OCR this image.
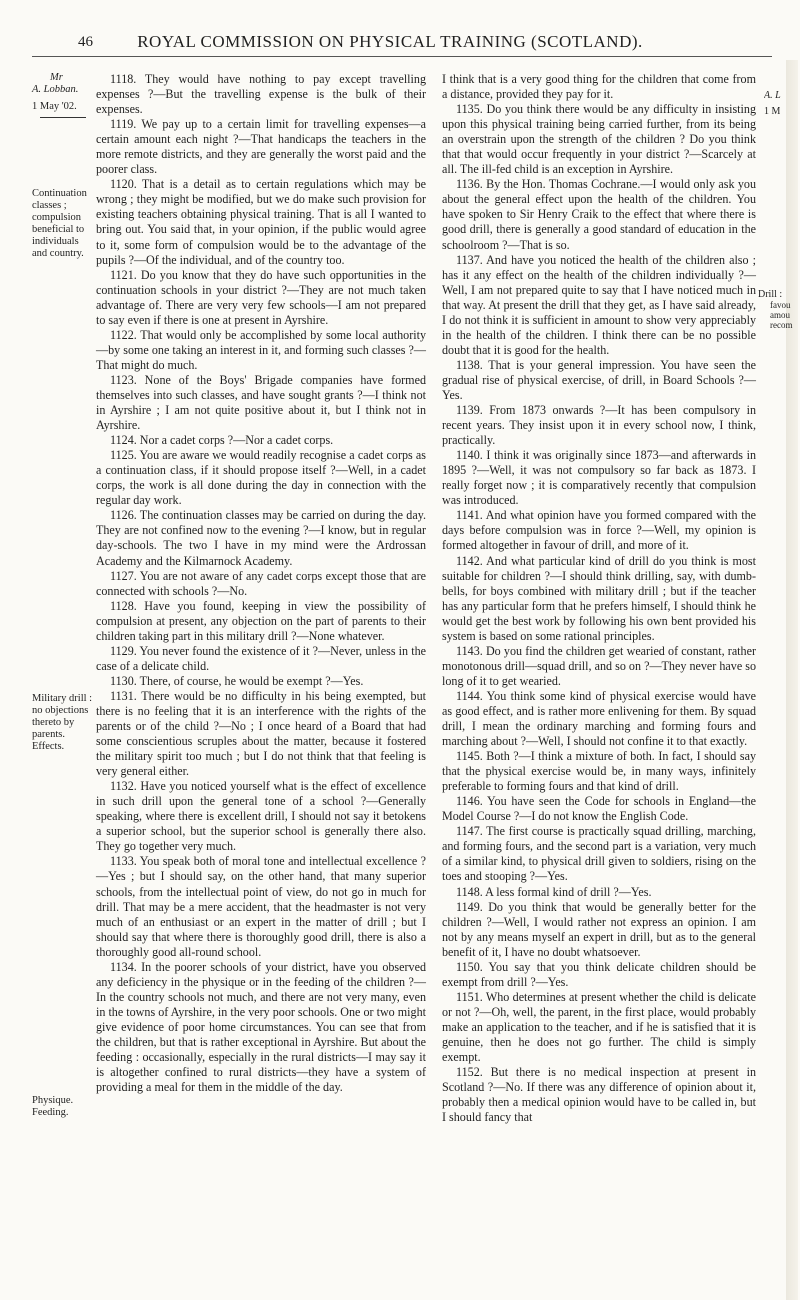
46	ROYAL COMMISSION ON PHYSICAL TRAINING (SCOTLAND).
Mr
A. Lobban.
1 May '02.
Continuation classes ; compulsion beneficial to individuals and country.
Military drill : no objections thereto by parents. Effects.
Physique. Feeding.

1118. They would have nothing to pay except travelling expenses ?—But the travelling expense is the bulk of their expenses.

1119. We pay up to a certain limit for travelling expenses—a certain amount each night ?—That handicaps the teachers in the more remote districts, and they are generally the worst paid and the poorer class.

1120. That is a detail as to certain regulations which may be wrong ; they might be modified, but we do make such provision for existing teachers obtaining physical training. That is all I wanted to bring out. You said that, in your opinion, if the public would agree to it, some form of compulsion would be to the advantage of the pupils ?—Of the individual, and of the country too.

1121. Do you know that they do have such opportunities in the continuation schools in your district ?—They are not much taken advantage of. There are very very few schools—I am not prepared to say even if there is one at present in Ayrshire.

1122. That would only be accomplished by some local authority—by some one taking an interest in it, and forming such classes ?—That might do much.

1123. None of the Boys' Brigade companies have formed themselves into such classes, and have sought grants ?—I think not in Ayrshire ; I am not quite positive about it, but I think not in Ayrshire.

1124. Nor a cadet corps ?—Nor a cadet corps.

1125. You are aware we would readily recognise a cadet corps as a continuation class, if it should propose itself ?—Well, in a cadet corps, the work is all done during the day in connection with the regular day work.

1126. The continuation classes may be carried on during the day. They are not confined now to the evening ?—I know, but in regular day-schools. The two I have in my mind were the Ardrossan Academy and the Kilmarnock Academy.

1127. You are not aware of any cadet corps except those that are connected with schools ?—No.

1128. Have you found, keeping in view the possibility of compulsion at present, any objection on the part of parents to their children taking part in this military drill ?—None whatever.

1129. You never found the existence of it ?—Never, unless in the case of a delicate child.

1130. There, of course, he would be exempt ?—Yes.

1131. There would be no difficulty in his being exempted, but there is no feeling that it is an interference with the rights of the parents or of the child ?—No ; I once heard of a Board that had some conscientious scruples about the matter, because it fostered the military spirit too much ; but I do not think that that feeling is very general either.

1132. Have you noticed yourself what is the effect of excellence in such drill upon the general tone of a school ?—Generally speaking, where there is excellent drill, I should not say it betokens a superior school, but the superior school is generally there also. They go together very much.

1133. You speak both of moral tone and intellectual excellence ?—Yes ; but I should say, on the other hand, that many superior schools, from the intellectual point of view, do not go in much for drill. That may be a mere accident, that the headmaster is not very much of an enthusiast or an expert in the matter of drill ; but I should say that where there is thoroughly good drill, there is also a thoroughly good all-round school.

1134. In the poorer schools of your district, have you observed any deficiency in the physique or in the feeding of the children ?—In the country schools not much, and there are not very many, even in the towns of Ayrshire, in the very poor schools. One or two might give evidence of poor home circumstances. You can see that from the children, but that is rather exceptional in Ayrshire. But about the feeding : occasionally, especially in the rural districts—I may say it is altogether confined to rural districts—they have a system of providing a meal for them in the middle of the day.

I think that is a very good thing for the children that come from a distance, provided they pay for it.

1135. Do you think there would be any difficulty in insisting upon this physical training being carried further, from its being an overstrain upon the strength of the children ? Do you think that that would occur frequently in your district ?—Scarcely at all. The ill-fed child is an exception in Ayrshire.

1136. By the Hon. Thomas Cochrane.—I would only ask you about the general effect upon the health of the children. You have spoken to Sir Henry Craik to the effect that where there is good drill, there is generally a good standard of education in the schoolroom ?—That is so.

1137. And have you noticed the health of the children also ; has it any effect on the health of the children individually ?—Well, I am not prepared quite to say that I have noticed much in that way. At present the drill that they get, as I have said already, I do not think it is sufficient in amount to show very appreciably in the health of the children. I think there can be no possible doubt that it is good for the health.

1138. That is your general impression. You have seen the gradual rise of physical exercise, of drill, in Board Schools ?—Yes.

1139. From 1873 onwards ?—It has been compulsory in recent years. They insist upon it in every school now, I think, practically.

1140. I think it was originally since 1873—and afterwards in 1895 ?—Well, it was not compulsory so far back as 1873. I really forget now ; it is comparatively recently that compulsion was introduced.

1141. And what opinion have you formed compared with the days before compulsion was in force ?—Well, my opinion is formed altogether in favour of drill, and more of it.

1142. And what particular kind of drill do you think is most suitable for children ?—I should think drilling, say, with dumb-bells, for boys combined with military drill ; but if the teacher has any particular form that he prefers himself, I should think he would get the best work by following his own bent provided his system is based on some rational principles.

1143. Do you find the children get wearied of constant, rather monotonous drill—squad drill, and so on ?—They never have so long of it to get wearied.

1144. You think some kind of physical exercise would have as good effect, and is rather more enlivening for them. By squad drill, I mean the ordinary marching and forming fours and marching about ?—Well, I should not confine it to that exactly.

1145. Both ?—I think a mixture of both. In fact, I should say that the physical exercise would be, in many ways, infinitely preferable to forming fours and that kind of drill.

1146. You have seen the Code for schools in England—the Model Course ?—I do not know the English Code.

1147. The first course is practically squad drilling, marching, and forming fours, and the second part is a variation, very much of a similar kind, to physical drill given to soldiers, rising on the toes and stooping ?—Yes.

1148. A less formal kind of drill ?—Yes.

1149. Do you think that would be generally better for the children ?—Well, I would rather not express an opinion. I am not by any means myself an expert in drill, but as to the general benefit of it, I have no doubt whatsoever.

1150. You say that you think delicate children should be exempt from drill ?—Yes.

1151. Who determines at present whether the child is delicate or not ?—Oh, well, the parent, in the first place, would probably make an application to the teacher, and if he is satisfied that it is genuine, then he does not go further. The child is simply exempt.

1152. But there is no medical inspection at present in Scotland ?—No. If there was any difference of opinion about it, probably then a medical opinion would have to be called in, but I should fancy that

A. L
1 M
Drill :
favou
amou
recom
